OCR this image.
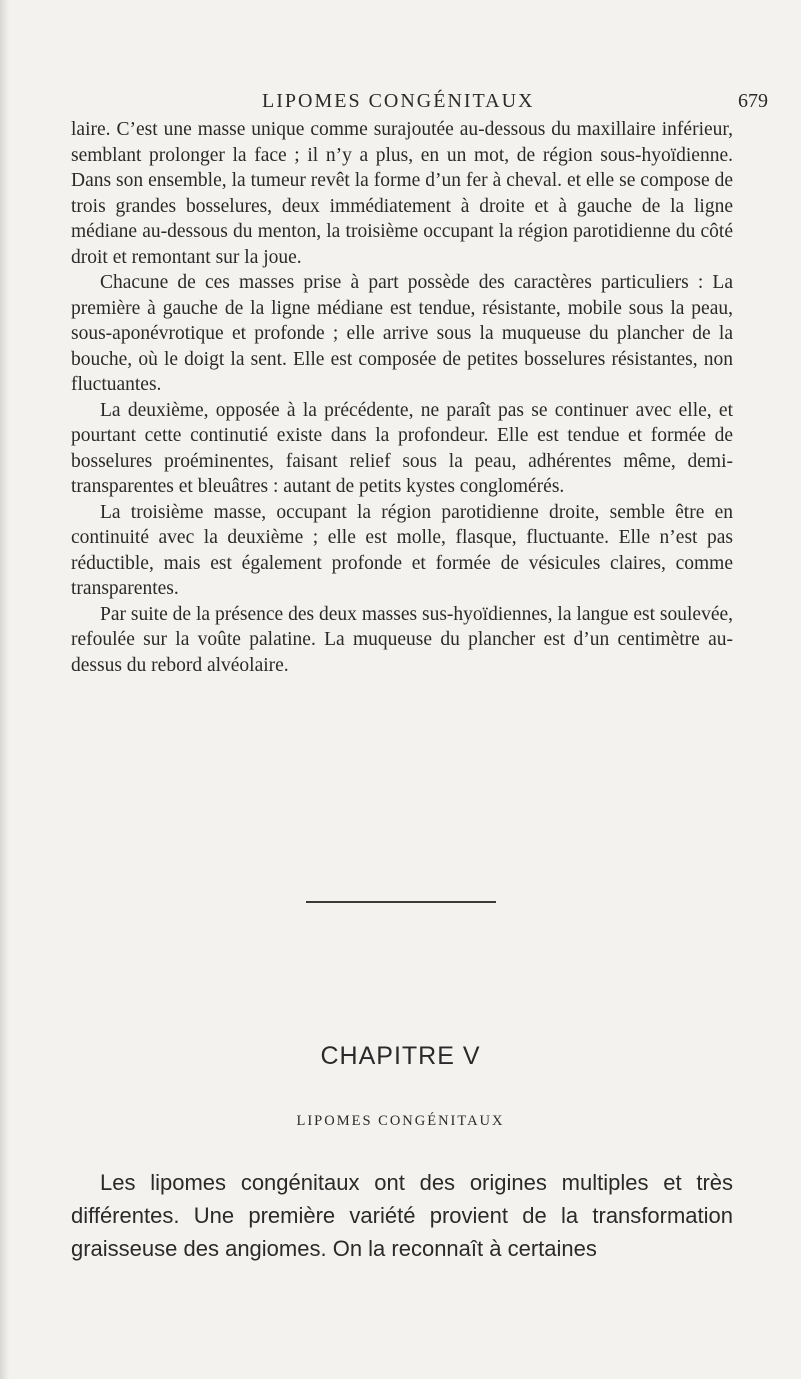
LIPOMES CONGÉNITAUX	679

laire. C’est une masse unique comme surajoutée au-dessous du maxillaire inférieur, semblant prolonger la face ; il n’y a plus, en un mot, de région sous-hyoïdienne. Dans son ensemble, la tumeur revêt la forme d’un fer à cheval. et elle se compose de trois grandes bosselures, deux immédiatement à droite et à gauche de la ligne médiane au-dessous du menton, la troisième occupant la région parotidienne du côté droit et remontant sur la joue.

Chacune de ces masses prise à part possède des caractères particuliers : La première à gauche de la ligne médiane est tendue, résistante, mobile sous la peau, sous-aponévrotique et profonde ; elle arrive sous la muqueuse du plancher de la bouche, où le doigt la sent. Elle est composée de petites bosselures résistantes, non fluctuantes.

La deuxième, opposée à la précédente, ne paraît pas se continuer avec elle, et pourtant cette continutié existe dans la profondeur. Elle est tendue et formée de bosselures proéminentes, faisant relief sous la peau, adhérentes même, demi-transparentes et bleuâtres : autant de petits kystes conglomérés.

La troisième masse, occupant la région parotidienne droite, semble être en continuité avec la deuxième ; elle est molle, flasque, fluctuante. Elle n’est pas réductible, mais est également profonde et formée de vésicules claires, comme transparentes.

Par suite de la présence des deux masses sus-hyoïdiennes, la langue est soulevée, refoulée sur la voûte palatine. La muqueuse du plancher est d’un centimètre au-dessus du rebord alvéolaire.

CHAPITRE V
LIPOMES CONGÉNITAUX

Les lipomes congénitaux ont des origines multiples et très différentes. Une première variété provient de la transformation graisseuse des angiomes. On la reconnaît à certaines
